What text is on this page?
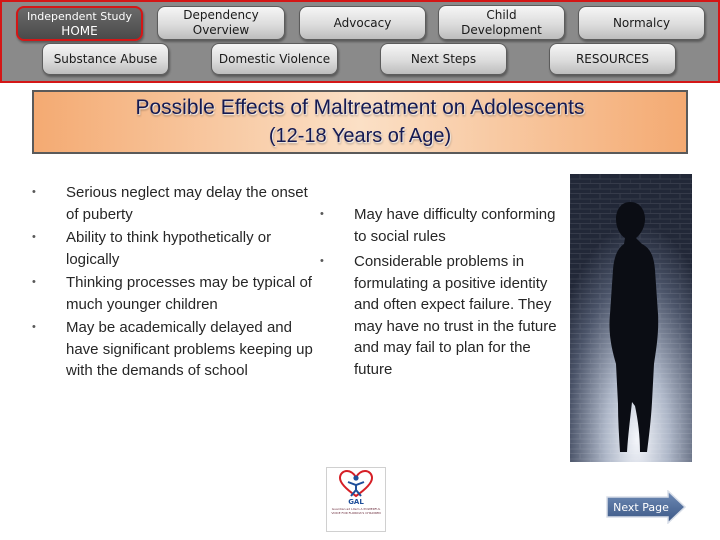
Independent Study
HOME
Dependency
Overview
Advocacy
Child
Development	Normalcy
Substance Abuse	Domestic Violence	Next Steps	RESOURCES
Possible Effects of Maltreatment on Adolescents
(12-18 Years of Age)
• Serious neglect may delay the onset of puberty
• Ability to think hypothetically or logically
• Thinking processes may be typical of much younger children
• May be academically delayed and have significant problems keeping up with the demands of school
• May have difficulty conforming to social rules
• Considerable problems in formulating a positive identity and often expect failure. They may have no trust in the future and may fail to plan for the future
GAL
Guardian ad Litem A POWERFUL VOICE FOR FLORIDA'S CHILDREN	Next Page
